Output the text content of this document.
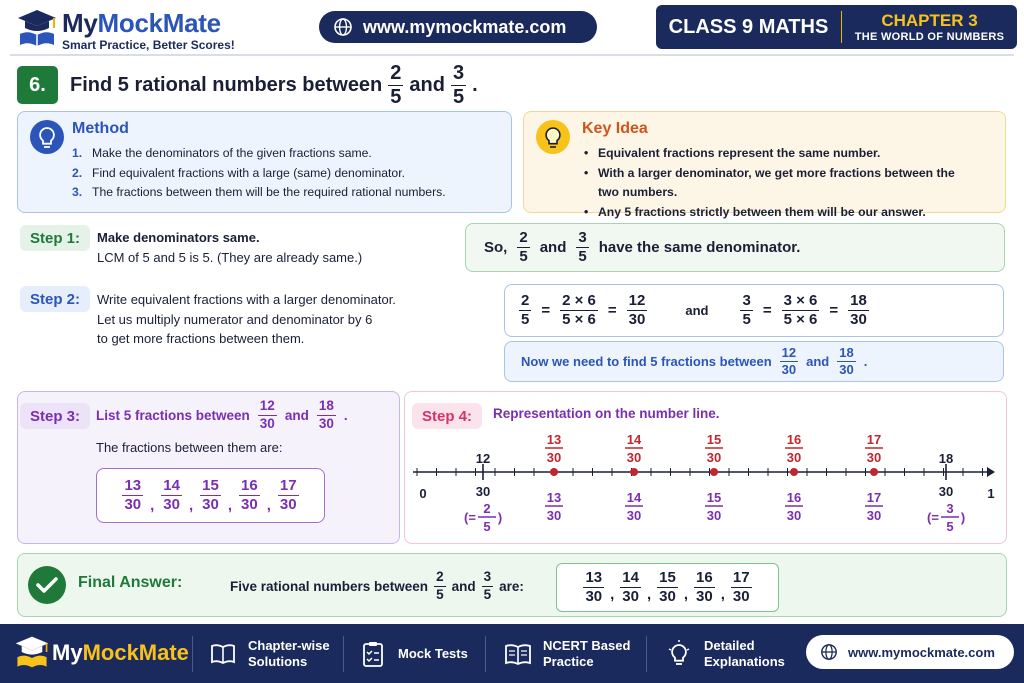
MyMockMate
Smart Practice, Better Scores!
www.mymockmate.com	CLASS 9 MATHS	CHAPTER 3
THE WORLD OF NUMBERS
6.	Find 5 rational numbers between $\frac{2}{5}$ and $\frac{3}{5}$ .
Method
1. Make the denominators of the given fractions same.
2. Find equivalent fractions with a large (same) denominator.
3. The fractions between them will be the required rational numbers.
Key Idea
• Equivalent fractions represent the same number.
• With a larger denominator, we get more fractions between the two numbers.
• Any 5 fractions strictly between them will be our answer.
Step 1:	Make denominators same.
LCM of 5 and 5 is 5. (They are already same.)
So, $\frac{2}{5}$ and $\frac{3}{5}$ have the same denominator.
Step 2:	Write equivalent fractions with a larger denominator.
Let us multiply numerator and denominator by 6
to get more fractions between them.
$\frac{2}{5} = \frac{2 \times 6}{5 \times 6} = \frac{12}{30}$	and $\frac{3}{5} = \frac{3 \times 6}{5 \times 6} = \frac{18}{30}$
Now we need to find 5 fractions between $\frac{12}{30}$ and $\frac{18}{30}$ .
Step 3:	List 5 fractions between $\frac{12}{30}$ and $\frac{18}{30}$ .
The fractions between them are:
$\frac{13}{30}$ , $\frac{14}{30}$ , $\frac{15}{30}$ , $\frac{16}{30}$ , $\frac{17}{30}$
Step 4:	Representation on the number line.
0	1
12
30
(=
2
5
)
18
30
(=
3
5
)
13
30
13
30
14
30
14
30
15
30
15
30
16
30
16
30
17
30
17
30
Final Answer:	Five rational numbers between $\frac{2}{5}$ and $\frac{3}{5}$ are:	$\frac{13}{30}$ , $\frac{14}{30}$ , $\frac{15}{30}$ , $\frac{16}{30}$ , $\frac{17}{30}$
MyMockMate	Chapter-wise
Solutions
Mock Tests
NCERT Based
Practice
Detailed
Explanations
www.mymockmate.com
